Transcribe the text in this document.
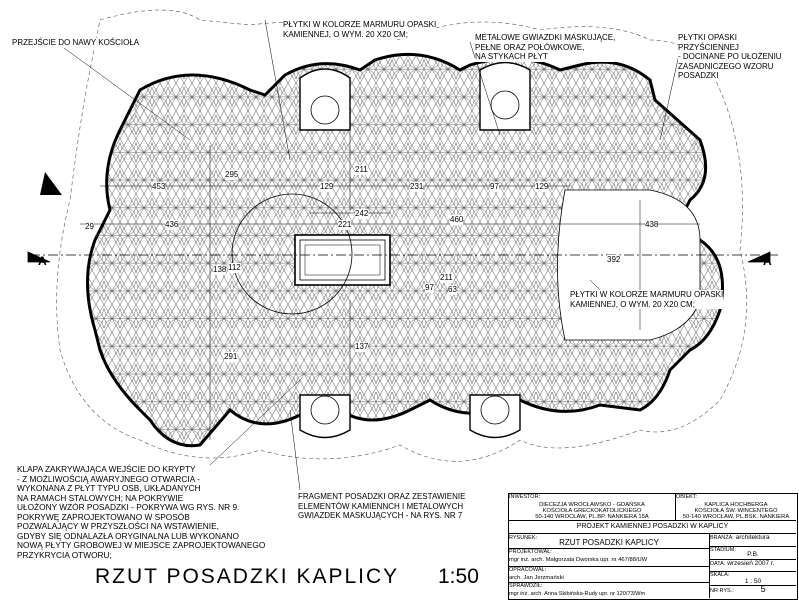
PRZEJŚCIE DO NAWY KOŚCIOŁA
PŁYTKI W KOLORZE MARMURU OPASKI
KAMIENNEJ, O WYM. 20 X20 CM;	METALOWE GWIAZDKI MASKUJĄCE,
PEŁNE ORAZ POŁÓWKOWE,
NA STYKACH PŁYT
PŁYTKI OPASKI PRZYŚCIENNEJ
- DOCINANE PO UŁOŻENIU
ZASADNICZEGO WZORU
POSADZKI
PŁYTKI W KOLORZE MARMURU OPASKI
KAMIENNEJ, O WYM. 20 X20 CM;
FRAGMENT POSADZKI ORAZ ZESTAWIENIE
ELEMENTÓW KAMIENNCH I METALOWYCH
GWIAZDEK MASKUJĄCYCH - NA RYS. NR 7
KLAPA ZAKRYWAJĄCA WEJŚCIE DO KRYPTY
- Z MOŻLIWOŚCIĄ AWARYJNEGO OTWARCIA -
WYKONANA Z PŁYT TYPU OSB, UKŁADANYCH
NA RAMACH STALOWYCH; NA POKRYWIE
UŁOŻONY WZÓR POSADZKI - POKRYWA WG RYS. NR 9.
POKRYWĘ ZAPROJEKTOWANO W SPOSÓB
POZWALAJĄCY W PRZYSZŁOŚCI NA WSTAWIENIE,
GDYBY SIĘ ODNALAZŁA ORYGINALNA LUB WYKONANO
NOWĄ PŁYTY GROBOWEJ W MIEJSCE ZAPROJEKTOWANEGO
PRZYKRYCIA OTWORU;
A	A
453
436
29
129	231	97	129
242
221
460
438
392
295
211
97 63
138 112
211
291
137
RZUT POSADZKI KAPLICY 1:50
INWESTOR:
DIECEZJA WROCŁAWSKO - GDAŃSKA
KOŚCIOŁA GRECKOKATOLICKIEGO
50-140 WROCŁAW, PL.BP. NANKIERA 15A
OBIEKT:
KAPLICA HOCHBERGA
KOŚCIOŁA ŚW. WINCENTEGO
50-140 WROCŁAW, PL.BSK. NANKIERA
PROJEKT KAMIENNEJ POSADZKI W KAPLICY
RYSUNEK:	RZUT POSADZKI KAPLICY
PROJEKTOWAŁ:
mgr inż. arch. Małgorzata Dworska upr. nr 467/88/UW
OPRACOWAŁ:
arch. Jan Jerzmański
SPRAWDZIŁ:
mgr inż. arch. Anna Skibińska-Rudy upr. nr 120/73/Wm
BRANŻA: architektura
STADIUM:
P.B.
DATA: wrzesień 2007 r.
SKALA:
1 : 50
NR RYS.:	5
